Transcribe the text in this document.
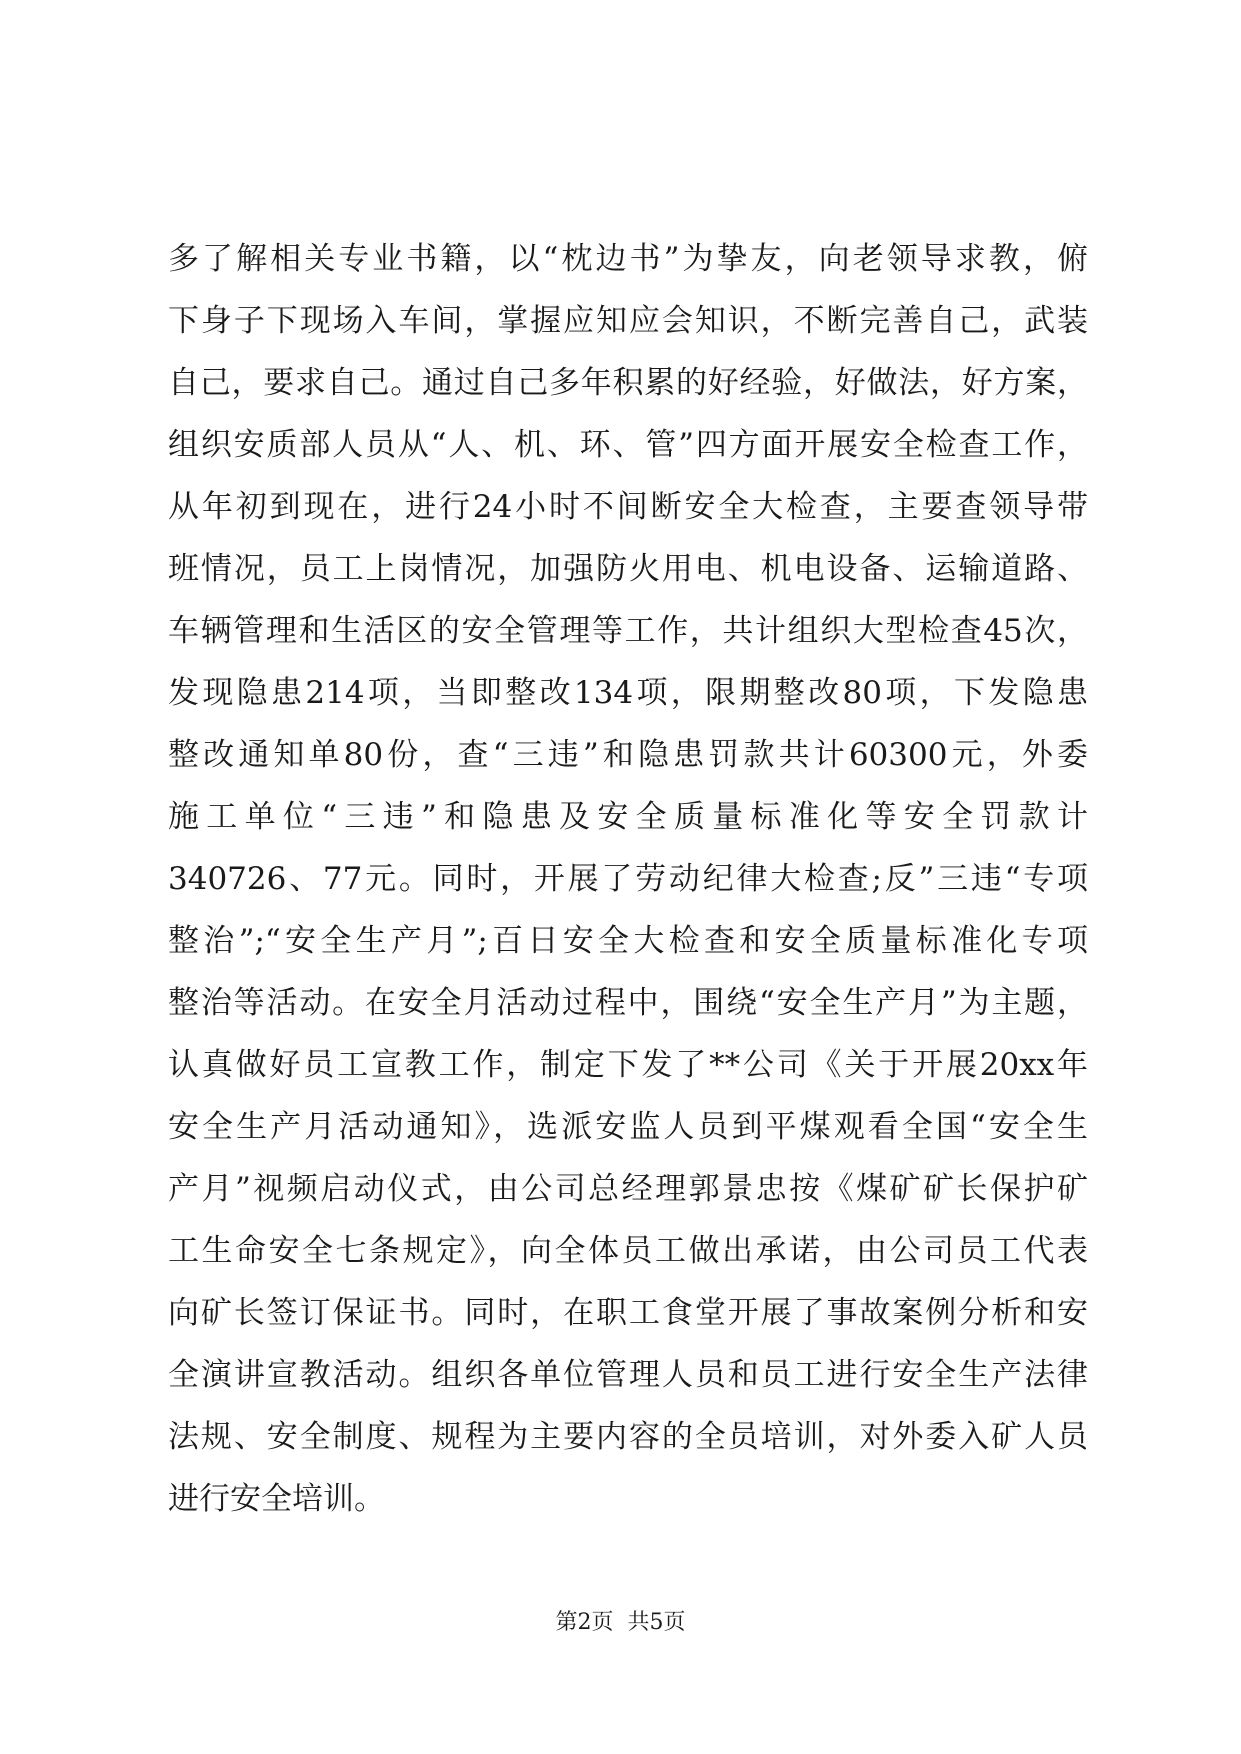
多了解相关专业书籍，以“枕边书”为挚友，向老领导求教，俯
下身子下现场入车间，掌握应知应会知识，不断完善自己，武装
自己，要求自己。通过自己多年积累的好经验，好做法，好方案，
组织安质部人员从“人、机、环、管”四方面开展安全检查工作，
从年初到现在，进行24小时不间断安全大检查，主要查领导带
班情况，员工上岗情况，加强防火用电、机电设备、运输道路、
车辆管理和生活区的安全管理等工作，共计组织大型检查45次，
发现隐患214项，当即整改134项，限期整改80项，下发隐患
整改通知单80份，查“三违”和隐患罚款共计60300元，外委
施工单位“三违”和隐患及安全质量标准化等安全罚款计
340726、77元。同时，开展了劳动纪律大检查;反”三违“专项
整治”;“安全生产月”;百日安全大检查和安全质量标准化专项
整治等活动。在安全月活动过程中，围绕“安全生产月”为主题，
认真做好员工宣教工作，制定下发了**公司《关于开展20xx年
安全生产月活动通知》，选派安监人员到平煤观看全国“安全生
产月”视频启动仪式，由公司总经理郭景忠按《煤矿矿长保护矿
工生命安全七条规定》，向全体员工做出承诺，由公司员工代表
向矿长签订保证书。同时，在职工食堂开展了事故案例分析和安
全演讲宣教活动。组织各单位管理人员和员工进行安全生产法律
法规、安全制度、规程为主要内容的全员培训，对外委入矿人员
进行安全培训。
第2页  共5页
